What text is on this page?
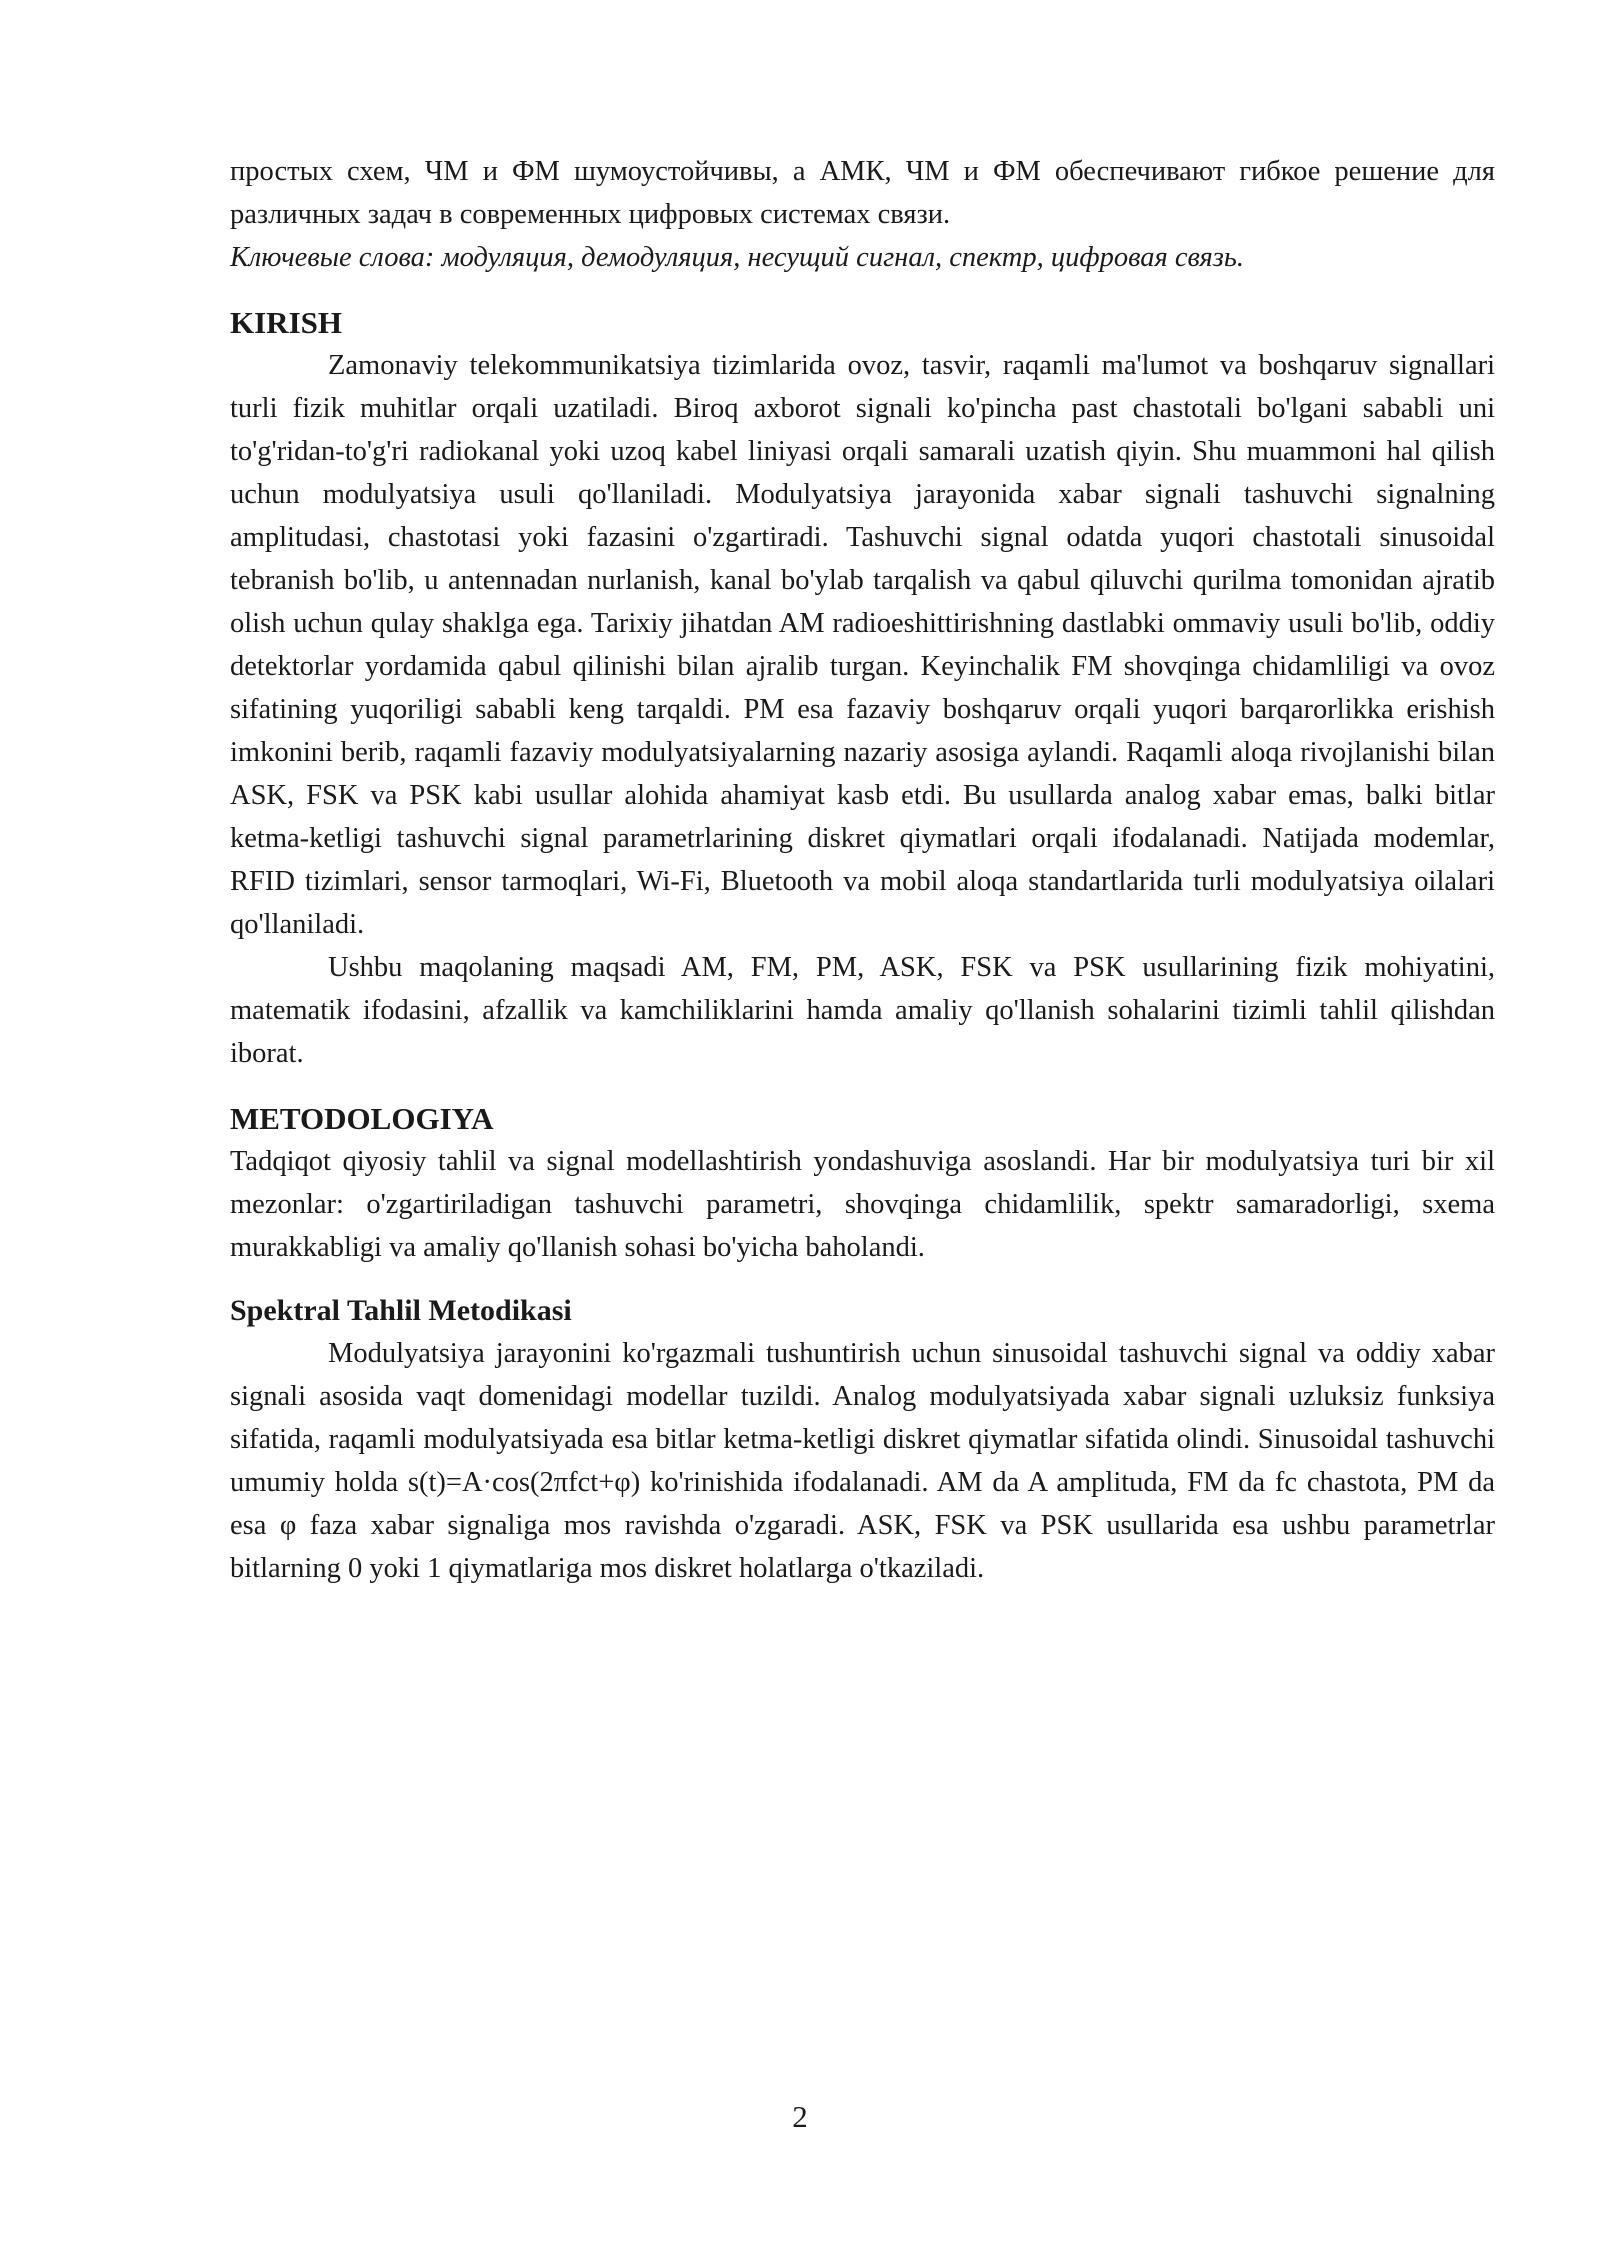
простых схем, ЧМ и ФМ шумоустойчивы, а АМК, ЧМ и ФМ обеспечивают гибкое решение для различных задач в современных цифровых системах связи.

Ключевые слова: модуляция, демодуляция, несущий сигнал, спектр, цифровая связь.

KIRISH

Zamonaviy telekommunikatsiya tizimlarida ovoz, tasvir, raqamli ma'lumot va boshqaruv signallari turli fizik muhitlar orqali uzatiladi. Biroq axborot signali ko'pincha past chastotali bo'lgani sababli uni to'g'ridan-to'g'ri radiokanal yoki uzoq kabel liniyasi orqali samarali uzatish qiyin. Shu muammoni hal qilish uchun modulyatsiya usuli qo'llaniladi. Modulyatsiya jarayonida xabar signali tashuvchi signalning amplitudasi, chastotasi yoki fazasini o'zgartiradi. Tashuvchi signal odatda yuqori chastotali sinusoidal tebranish bo'lib, u antennadan nurlanish, kanal bo'ylab tarqalish va qabul qiluvchi qurilma tomonidan ajratib olish uchun qulay shaklga ega. Tarixiy jihatdan AM radioeshittirishning dastlabki ommaviy usuli bo'lib, oddiy detektorlar yordamida qabul qilinishi bilan ajralib turgan. Keyinchalik FM shovqinga chidamliligi va ovoz sifatining yuqoriligi sababli keng tarqaldi. PM esa fazaviy boshqaruv orqali yuqori barqarorlikka erishish imkonini berib, raqamli fazaviy modulyatsiyalarning nazariy asosiga aylandi. Raqamli aloqa rivojlanishi bilan ASK, FSK va PSK kabi usullar alohida ahamiyat kasb etdi. Bu usullarda analog xabar emas, balki bitlar ketma-ketligi tashuvchi signal parametrlarining diskret qiymatlari orqali ifodalanadi. Natijada modemlar, RFID tizimlari, sensor tarmoqlari, Wi-Fi, Bluetooth va mobil aloqa standartlarida turli modulyatsiya oilalari qo'llaniladi.

Ushbu maqolaning maqsadi AM, FM, PM, ASK, FSK va PSK usullarining fizik mohiyatini, matematik ifodasini, afzallik va kamchiliklarini hamda amaliy qo'llanish sohalarini tizimli tahlil qilishdan iborat.

METODOLOGIYA

Tadqiqot qiyosiy tahlil va signal modellashtirish yondashuviga asoslandi. Har bir modulyatsiya turi bir xil mezonlar: o'zgartiriladigan tashuvchi parametri, shovqinga chidamlilik, spektr samaradorligi, sxema murakkabligi va amaliy qo'llanish sohasi bo'yicha baholandi.

Spektral Tahlil Metodikasi

Modulyatsiya jarayonini ko'rgazmali tushuntirish uchun sinusoidal tashuvchi signal va oddiy xabar signali asosida vaqt domenidagi modellar tuzildi. Analog modulyatsiyada xabar signali uzluksiz funksiya sifatida, raqamli modulyatsiyada esa bitlar ketma-ketligi diskret qiymatlar sifatida olindi. Sinusoidal tashuvchi umumiy holda s(t)=A·cos(2πfct+φ) ko'rinishida ifodalanadi. AM da A amplituda, FM da fc chastota, PM da esa φ faza xabar signaliga mos ravishda o'zgaradi. ASK, FSK va PSK usullarida esa ushbu parametrlar bitlarning 0 yoki 1 qiymatlariga mos diskret holatlarga o'tkaziladi.

2
